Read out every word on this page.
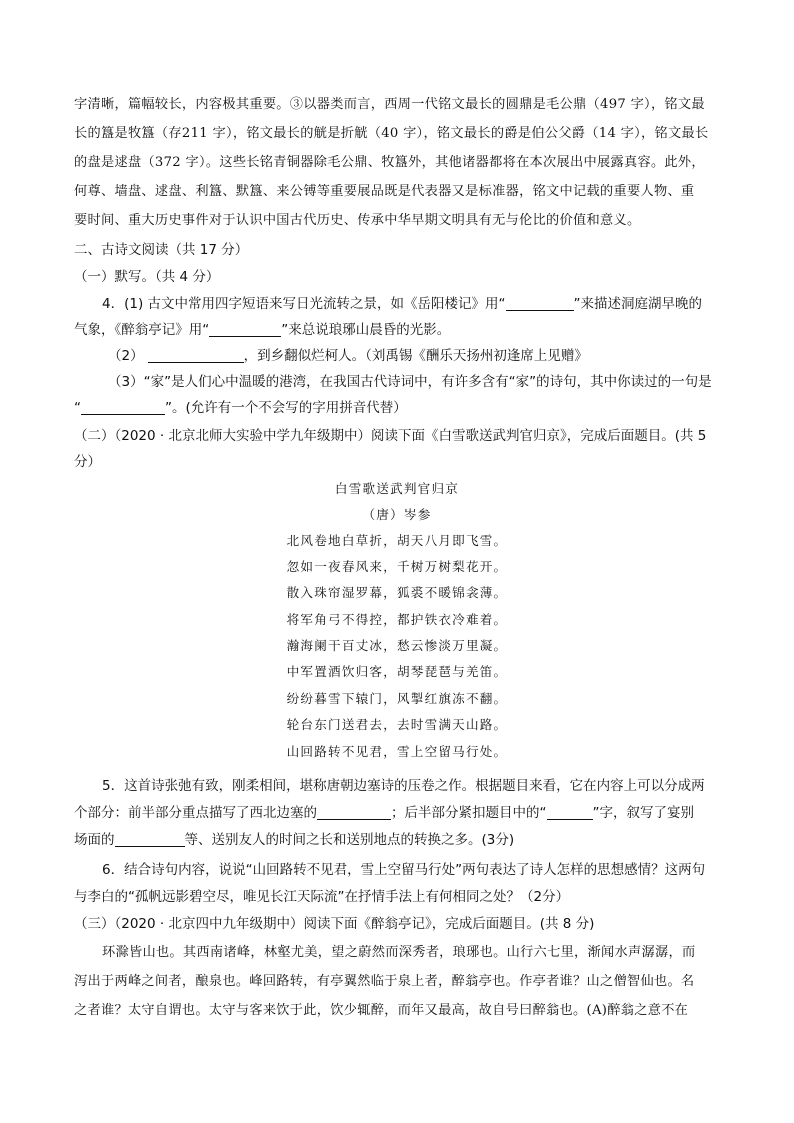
字清晰，篇幅较长，内容极其重要。③以器类而言，西周一代铭文最长的圆鼎是毛公鼎（497 字），铭文最
长的簋是牧簋（存211 字），铭文最长的觥是折觥（40 字），铭文最长的爵是伯公父爵（14 字），铭文最长
的盘是逑盘（372 字）。这些长铭青铜器除毛公鼎、牧簋外，其他诸器都将在本次展出中展露真容。此外，
何尊、墙盘、逑盘、利簋、默簋、来公镈等重要展品既是代表器又是标准器，铭文中记载的重要人物、重
要时间、重大历史事件对于认识中国古代历史、传承中华早期文明具有无与伦比的价值和意义。
二、古诗文阅读（共 17 分）
（一）默写。（共 4 分）
4．(1) 古文中常用四字短语来写日光流转之景，如《岳阳楼记》用“	”来描述洞庭湖早晚的
气象，《醉翁亭记》用“	”来总说琅琊山晨昏的光影。
（2）	，到乡翻似烂柯人。（刘禹锡《酬乐天扬州初逢席上见赠》
（3）“家”是人们心中温暖的港湾，在我国古代诗词中，有许多含有“家”的诗句，其中你读过的一句是
“	”。(允许有一个不会写的字用拼音代替）
（二）（2020 · 北京北师大实验中学九年级期中）阅读下面《白雪歌送武判官归京》，完成后面题目。(共 5
分）
白雪歌送武判官归京
（唐）岑参
北风卷地白草折，胡天八月即飞雪。
忽如一夜春风来，千树万树梨花开。
散入珠帘湿罗幕，狐裘不暖锦衾薄。
将军角弓不得控，都护铁衣冷难着。
瀚海阑干百丈冰，愁云惨淡万里凝。
中军置酒饮归客，胡琴琵琶与羌笛。
纷纷暮雪下辕门，风掣红旗冻不翻。
轮台东门送君去，去时雪满天山路。
山回路转不见君，雪上空留马行处。
5．这首诗张弛有致，刚柔相间，堪称唐朝边塞诗的压卷之作。根据题目来看，它在内容上可以分成两
个部分：前半部分重点描写了西北边塞的	；后半部分紧扣题目中的“	”字，叙写了宴别
场面的	等、送别友人的时间之长和送别地点的转换之多。(3分)
6．结合诗句内容，说说“山回路转不见君，雪上空留马行处”两句表达了诗人怎样的思想感情？这两句
与李白的“孤帆远影碧空尽，唯见长江天际流”在抒情手法上有何相同之处？（2分）
（三）（2020 · 北京四中九年级期中）阅读下面《醉翁亭记》，完成后面题目。(共 8 分)
环滁皆山也。其西南诸峰，林壑尤美，望之蔚然而深秀者，琅琊也。山行六七里，渐闻水声潺潺，而
泻出于两峰之间者，酿泉也。峰回路转，有亭翼然临于泉上者，醉翁亭也。作亭者谁？山之僧智仙也。名
之者谁？太守自谓也。太守与客来饮于此，饮少辄醉，而年又最高，故自号曰醉翁也。(A)醉翁之意不在
